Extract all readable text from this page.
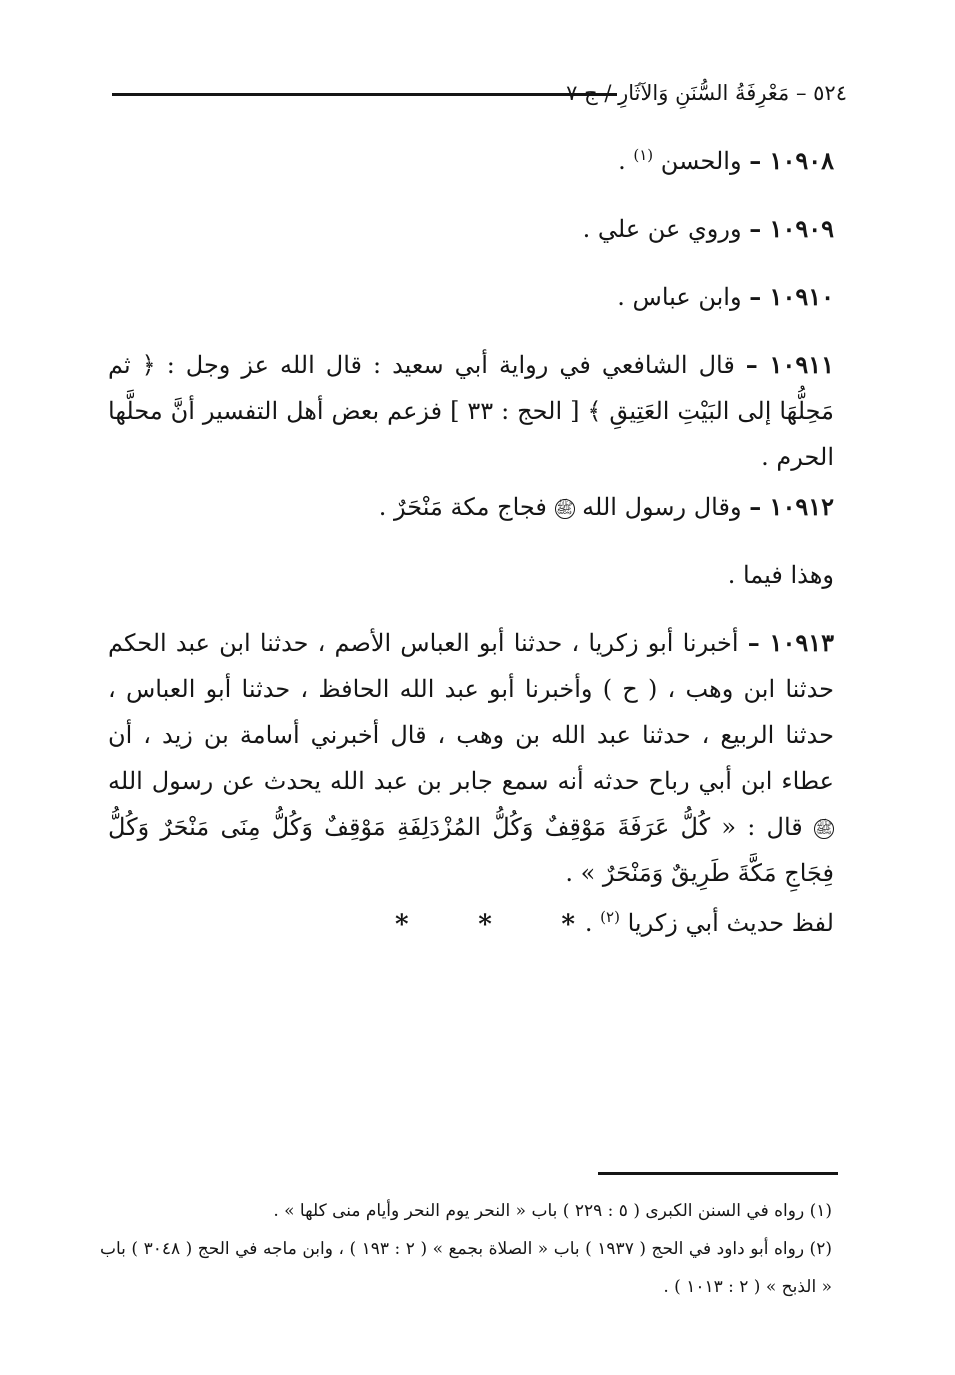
٥٢٤ – مَعْرِفَةُ السُّنَنِ وَالآثَارِ / ج ٧

١٠٩٠٨ – والحسن $^{(١)}$ .

١٠٩٠٩ – وروي عن علي .

١٠٩١٠ – وابن عباس .

١٠٩١١ – قال الشافعي في رواية أبي سعيد : قال الله عز وجل : ﴿ ثم مَحِلُّهَا إلى البَيْتِ العَتِيقِ ﴾ [ الحج : ٣٣ ] فزعم بعض أهل التفسير أنَّ محلَّها الحرم .

١٠٩١٢ – وقال رسول الله ﷺ فجاج مكة مَنْحَرٌ .

وهذا فيما .

١٠٩١٣ – أخبرنا أبو زكريا ، حدثنا أبو العباس الأصم ، حدثنا ابن عبد الحكم حدثنا ابن وهب ، ( ح ) وأخبرنا أبو عبد الله الحافظ ، حدثنا أبو العباس ، حدثنا الربيع ، حدثنا عبد الله بن وهب ، قال أخبرني أسامة بن زيد ، أن عطاء ابن أبي رباح حدثه أنه سمع جابر بن عبد الله يحدث عن رسول الله ﷺ قال : « كُلُّ عَرَفَةَ مَوْقِفٌ وَكُلُّ المُزْدَلِفَةِ مَوْقِفٌ وَكُلُّ مِنَى مَنْحَرٌ وَكُلُّ فِجَاجِ مَكَّةَ طَرِيقٌ وَمَنْحَرٌ » .

لفظ حديث أبي زكريا $^{(٢)}$ .

*	*	*

(١) رواه في السنن الكبرى ( ٥ : ٢٢٩ ) باب « النحر يوم النحر وأيام منى كلها » .

(٢) رواه أبو داود في الحج ( ١٩٣٧ ) باب « الصلاة بجمع » ( ٢ : ١٩٣ ) ، وابن ماجه في الحج ( ٣٠٤٨ ) باب « الذبح » ( ٢ : ١٠١٣ ) .
